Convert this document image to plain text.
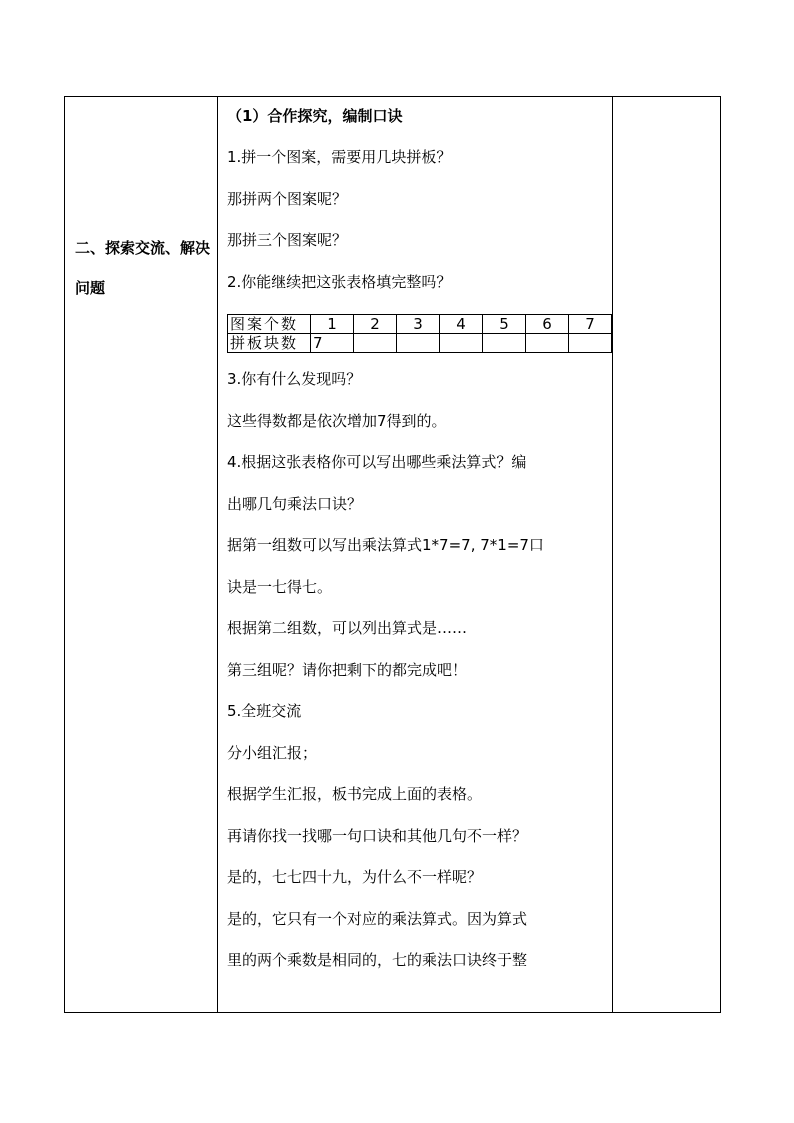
二、探索交流、解决问题

（1）合作探究，编制口诀
1.拼一个图案，需要用几块拼板？
那拼两个图案呢？
那拼三个图案呢？
2.你能继续把这张表格填完整吗？
图案个数	1	2	3	4	5	6	7
拼板块数	7						
3.你有什么发现吗？
这些得数都是依次增加7得到的。
4.根据这张表格你可以写出哪些乘法算式？编
出哪几句乘法口诀？
据第一组数可以写出乘法算式1*7=7, 7*1=7口
诀是一七得七。
根据第二组数，可以列出算式是……
第三组呢？请你把剩下的都完成吧！
5.全班交流
分小组汇报；
根据学生汇报，板书完成上面的表格。
再请你找一找哪一句口诀和其他几句不一样？
是的，七七四十九，为什么不一样呢？
是的，它只有一个对应的乘法算式。因为算式
里的两个乘数是相同的，七的乘法口诀终于整
